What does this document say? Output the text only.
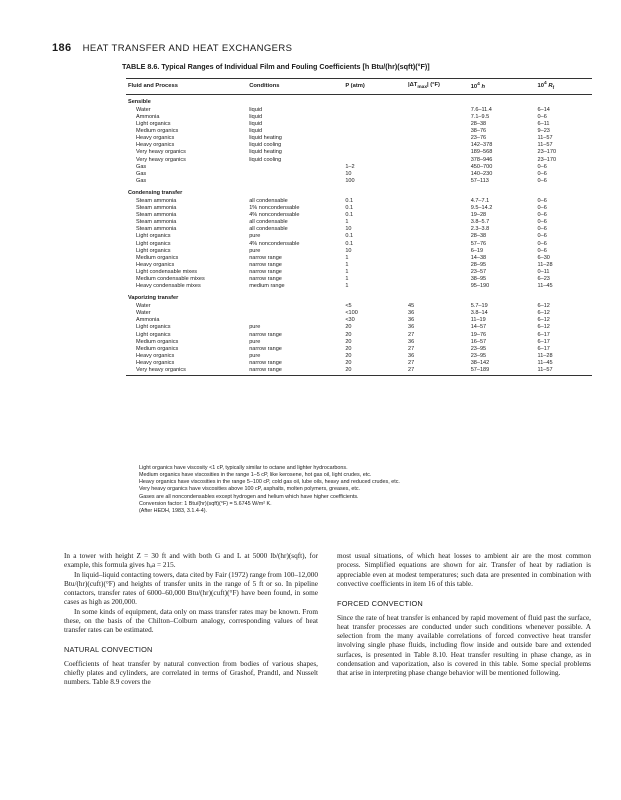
186 HEAT TRANSFER AND HEAT EXCHANGERS
TABLE 8.6. Typical Ranges of Individual Film and Fouling Coefficients [h Btu/(hr)(sqft)(°F)]
Fluid and Process	Conditions	P (atm)	$|\Delta T_{max}|$ (°F)	$10^4$ h	$10^4$ $R_f$
Sensible					
Water	liquid			7.6–11.4	6–14
Ammonia	liquid			7.1–9.5	0–6
Light organics	liquid			28–38	6–11
Medium organics	liquid			38–76	9–23
Heavy organics	liquid heating			23–76	11–57
Heavy organics	liquid cooling			142–378	11–57
Very heavy organics	liquid heating			189–568	23–170
Very heavy organics	liquid cooling			378–946	23–170
Gas		1–2		450–700	0–6
Gas		10		140–230	0–6
Gas		100		57–113	0–6
Condensing transfer					
Steam ammonia	all condensable	0.1		4.7–7.1	0–6
Steam ammonia	1% noncondensable	0.1		9.5–14.2	0–6
Steam ammonia	4% noncondensable	0.1		19–28	0–6
Steam ammonia	all condensable	1		3.8–5.7	0–6
Steam ammonia	all condensable	10		2.3–3.8	0–6
Light organics	pure	0.1		28–38	0–6
Light organics	4% noncondensable	0.1		57–76	0–6
Light organics	pure	10		6–19	0–6
Medium organics	narrow range	1		14–38	6–30
Heavy organics	narrow range	1		28–95	11–28
Light condensable mixes	narrow range	1		23–57	0–11
Medium condensable mixes	narrow range	1		38–95	6–23
Heavy condensable mixes	medium range	1		95–190	11–45
Vaporizing transfer					
Water		<5	45	5.7–19	6–12
Water		<100	36	3.8–14	6–12
Ammonia		<30	36	11–19	6–12
Light organics	pure	20	36	14–57	6–12
Light organics	narrow range	20	27	19–76	6–17
Medium organics	pure	20	36	16–57	6–17
Medium organics	narrow range	20	27	23–95	6–17
Heavy organics	pure	20	36	23–95	11–28
Heavy organics	narrow range	20	27	38–142	11–45
Very heavy organics	narrow range	20	27	57–189	11–57
Light organics have viscosity <1 cP, typically similar to octane and lighter hydrocarbons.
Medium organics have viscosities in the range 1–5 cP, like kerosene, hot gas oil, light crudes, etc.
Heavy organics have viscosities in the range 5–100 cP, cold gas oil, lube oils, heavy and reduced crudes, etc.
Very heavy organics have viscosities above 100 cP, asphalts, molten polymers, greases, etc.
Gases are all noncondensables except hydrogen and helium which have higher coefficients.
Conversion factor: 1 Btu/(hr)(sqft)(°F) = 5.6745 W/m² K.
(After HEDH, 1983, 3.1.4-4).

In a tower with height Z = 30 ft and with both G and L at 5000 lb/(hr)(sqft), for example, this formula gives hₐa = 215.

In liquid–liquid contacting towers, data cited by Fair (1972) range from 100–12,000 Btu/(hr)(cuft)(°F) and heights of transfer units in the range of 5 ft or so. In pipeline contactors, transfer rates of 6000–60,000 Btu/(hr)(cuft)(°F) have been found, in some cases as high as 200,000.

In some kinds of equipment, data only on mass transfer rates may be known. From these, on the basis of the Chilton–Colburn analogy, corresponding values of heat transfer rates can be estimated.

NATURAL CONVECTION

Coefficients of heat transfer by natural convection from bodies of various shapes, chiefly plates and cylinders, are correlated in terms of Grashof, Prandtl, and Nusselt numbers. Table 8.9 covers the

most usual situations, of which heat losses to ambient air are the most common process. Simplified equations are shown for air. Transfer of heat by radiation is appreciable even at modest temperatures; such data are presented in combination with convective coefficients in item 16 of this table.

FORCED CONVECTION

Since the rate of heat transfer is enhanced by rapid movement of fluid past the surface, heat transfer processes are conducted under such conditions whenever possible. A selection from the many available correlations of forced convective heat transfer involving single phase fluids, including flow inside and outside bare and extended surfaces, is presented in Table 8.10. Heat transfer resulting in phase change, as in condensation and vaporization, also is covered in this table. Some special problems that arise in interpreting phase change behavior will be mentioned following.
